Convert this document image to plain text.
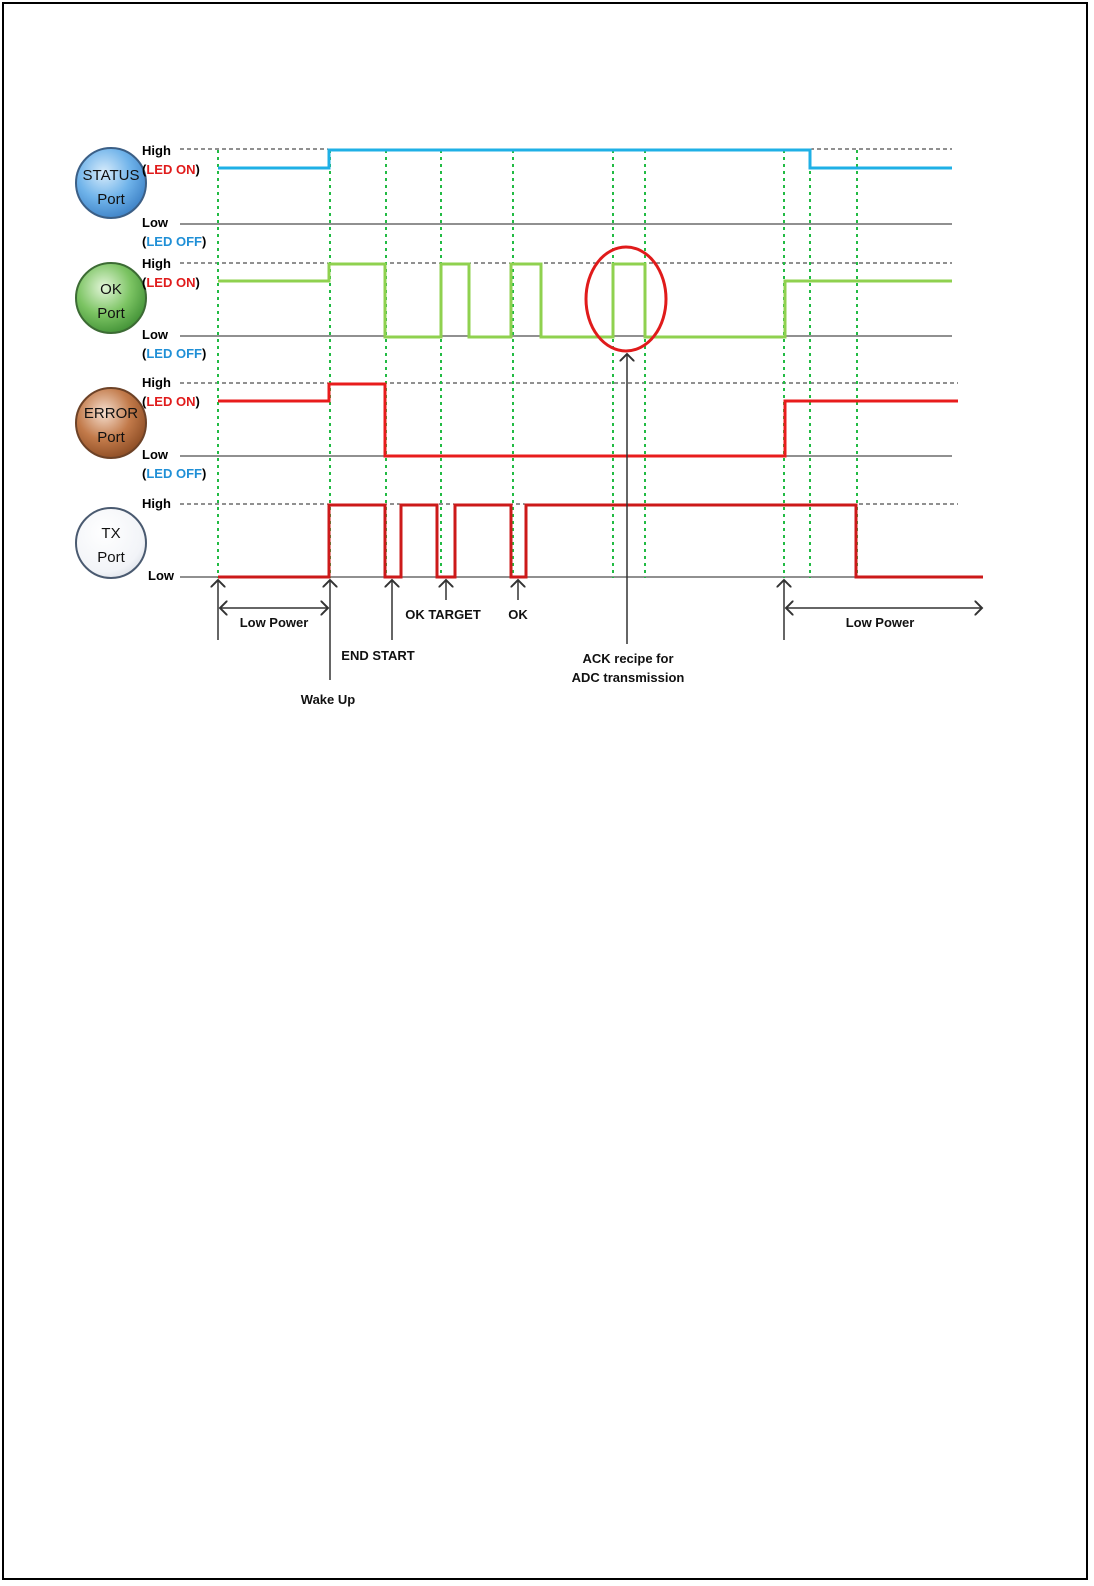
STATUS
Port
OK
Port
ERROR
Port
TX
Port
High
(LED ON)
Low
(LED OFF)
High
(LED ON)
Low
(LED OFF)
High
(LED ON)
Low
(LED OFF)
High
Low
Low Power	Low Power
END START
Wake Up
OK TARGET OK
ACK recipe for
ADC transmission
